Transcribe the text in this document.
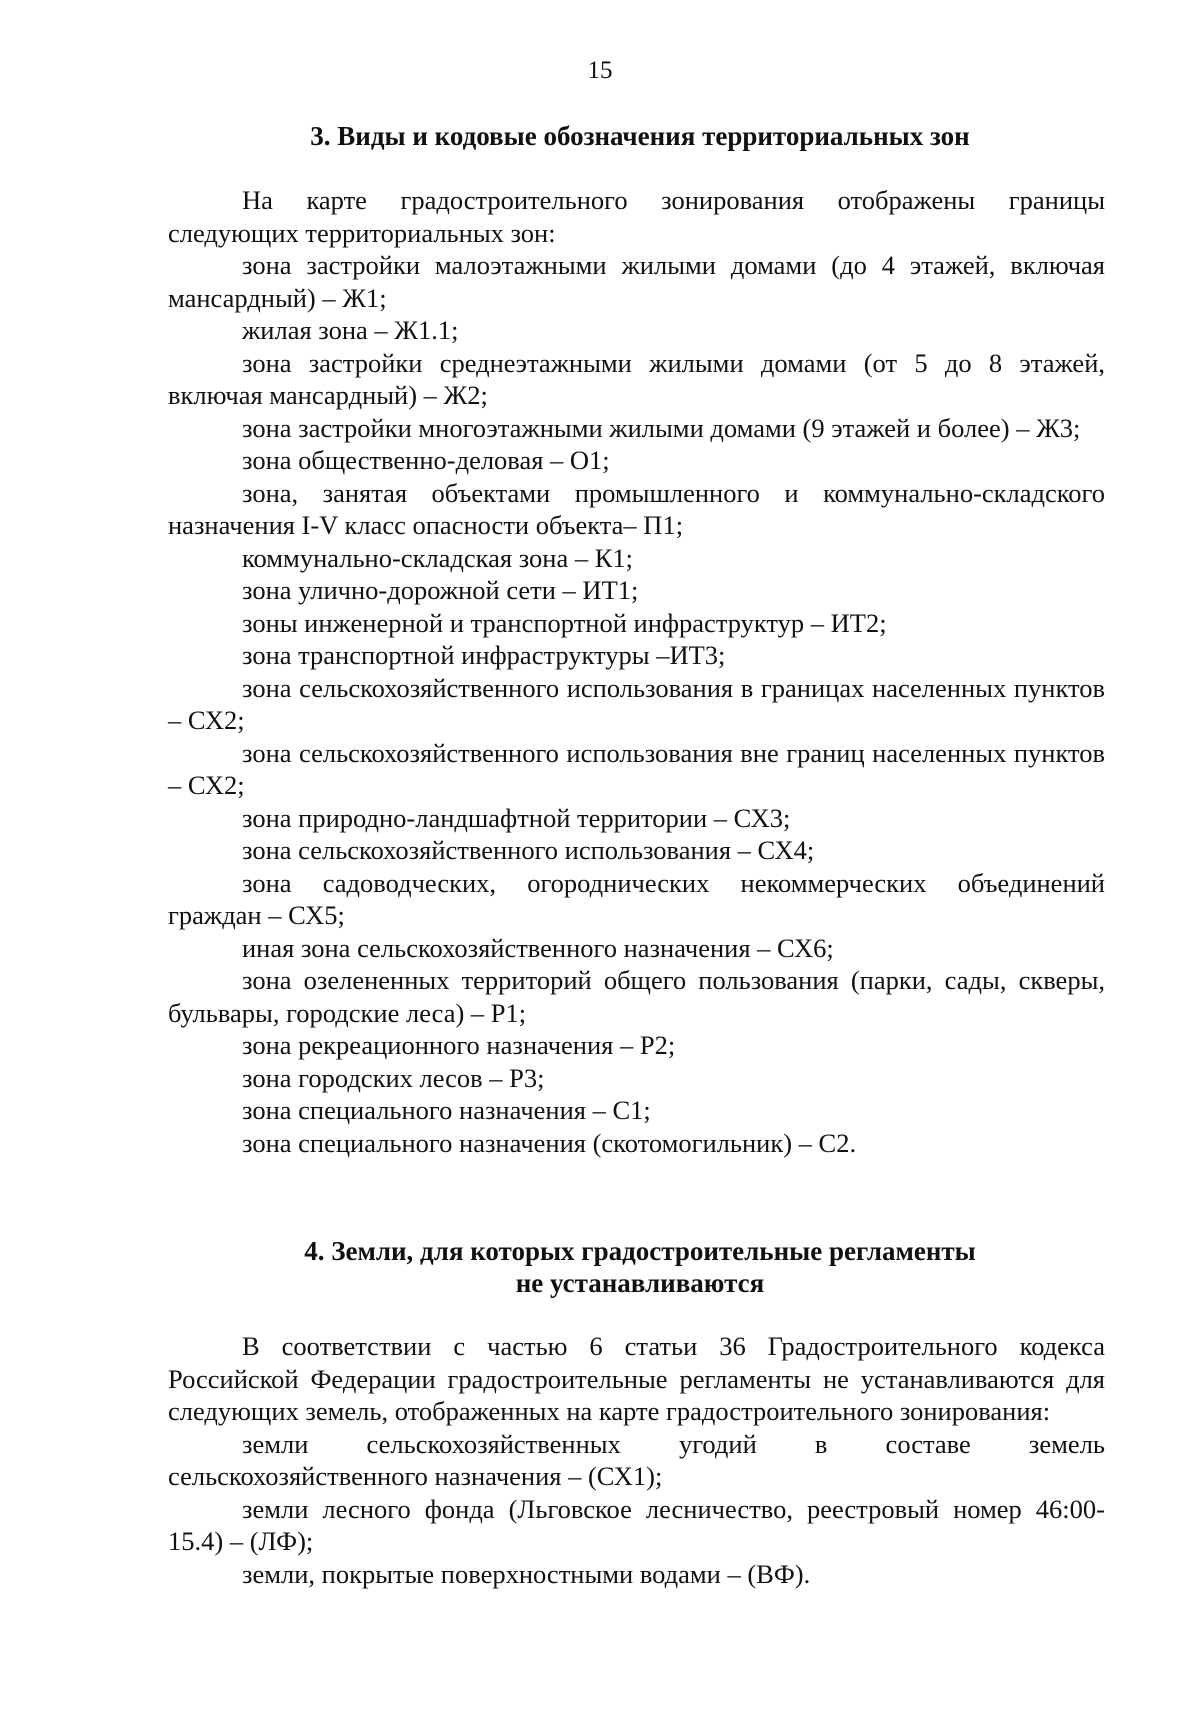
15
3. Виды и кодовые обозначения территориальных зон

На карте градостроительного зонирования отображены границы следующих территориальных зон:

зона застройки малоэтажными жилыми домами (до 4 этажей, включая мансардный) – Ж1;

жилая зона – Ж1.1;

зона застройки среднеэтажными жилыми домами (от 5 до 8 этажей, включая мансардный) – Ж2;

зона застройки многоэтажными жилыми домами (9 этажей и более) – Ж3;

зона общественно-деловая – О1;

зона, занятая объектами промышленного и коммунально-складского назначения I-V класс опасности объекта– П1;

коммунально-складская зона – К1;

зона улично-дорожной сети – ИТ1;

зоны инженерной и транспортной инфраструктур – ИТ2;

зона транспортной инфраструктуры –ИТ3;

зона сельскохозяйственного использования в границах населенных пунктов – СХ2;

зона сельскохозяйственного использования вне границ населенных пунктов – СХ2;

зона природно-ландшафтной территории – СХ3;

зона сельскохозяйственного использования – СХ4;

зона садоводческих, огороднических некоммерческих объединений граждан – СХ5;

иная зона сельскохозяйственного назначения – СХ6;

зона озелененных территорий общего пользования (парки, сады, скверы, бульвары, городские леса) – Р1;

зона рекреационного назначения – Р2;

зона городских лесов – Р3;

зона специального назначения – С1;

зона специального назначения (скотомогильник) – С2.

4. Земли, для которых градостроительные регламенты
не устанавливаются

В соответствии с частью 6 статьи 36 Градостроительного кодекса Российской Федерации градостроительные регламенты не устанавливаются для следующих земель, отображенных на карте градостроительного зонирования:

земли сельскохозяйственных угодий в составе земель сельскохозяйственного назначения – (СХ1);

земли лесного фонда (Льговское лесничество, реестровый номер 46:00-15.4) – (ЛФ);

земли, покрытые поверхностными водами – (ВФ).
